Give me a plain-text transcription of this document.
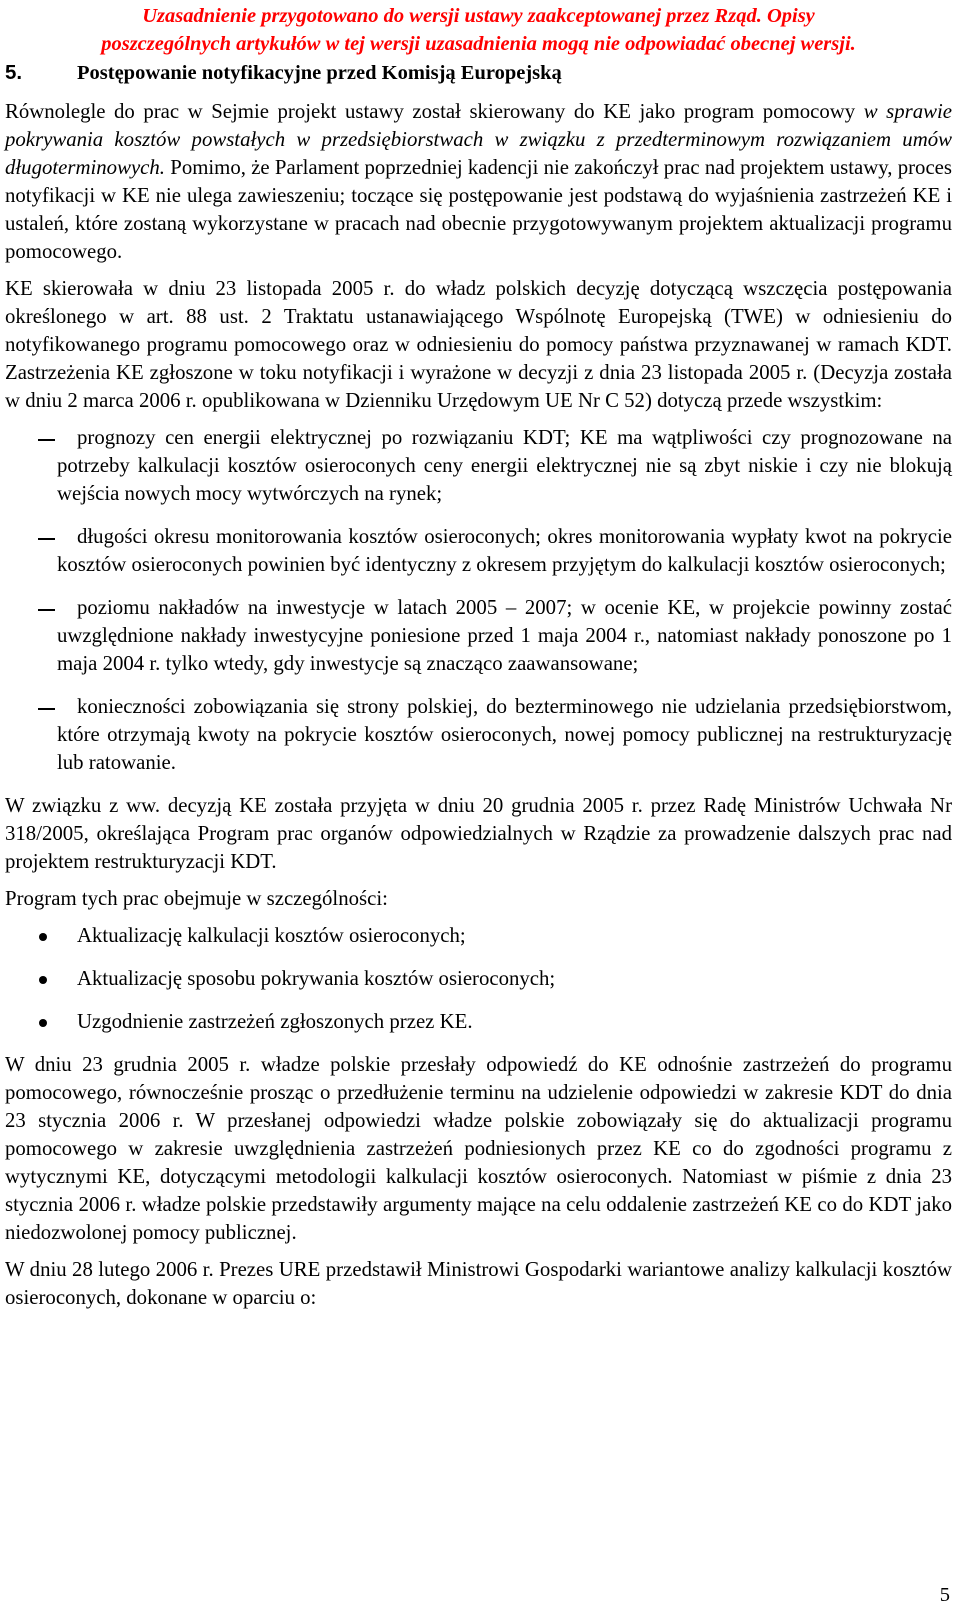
Uzasadnienie przygotowano do wersji ustawy zaakceptowanej przez Rząd. Opisy
poszczególnych artykułów w tej wersji uzasadnienia mogą nie odpowiadać obecnej wersji.

5.	Postępowanie notyfikacyjne przed Komisją Europejską

Równolegle do prac w Sejmie projekt ustawy został skierowany do KE jako program pomocowy w sprawie pokrywania kosztów powstałych w przedsiębiorstwach w związku z przedterminowym rozwiązaniem umów długoterminowych. Pomimo, że Parlament poprzedniej kadencji nie zakończył prac nad projektem ustawy, proces notyfikacji w KE nie ulega zawieszeniu; toczące się postępowanie jest podstawą do wyjaśnienia zastrzeżeń KE i ustaleń, które zostaną wykorzystane w pracach nad obecnie przygotowywanym projektem aktualizacji programu pomocowego.

KE skierowała w dniu 23 listopada 2005 r. do władz polskich decyzję dotyczącą wszczęcia postępowania określonego w art. 88 ust. 2 Traktatu ustanawiającego Wspólnotę Europejską (TWE) w odniesieniu do notyfikowanego programu pomocowego oraz w odniesieniu do pomocy państwa przyznawanej w ramach KDT. Zastrzeżenia KE zgłoszone w toku notyfikacji i wyrażone w decyzji z dnia 23 listopada 2005 r. (Decyzja została w dniu 2 marca 2006 r. opublikowana w Dzienniku Urzędowym UE Nr C 52) dotyczą przede wszystkim:

prognozy cen energii elektrycznej po rozwiązaniu KDT; KE ma wątpliwości czy prognozowane na potrzeby kalkulacji kosztów osieroconych ceny energii elektrycznej nie są zbyt niskie i czy nie blokują wejścia nowych mocy wytwórczych na rynek;
długości okresu monitorowania kosztów osieroconych; okres monitorowania wypłaty kwot na pokrycie kosztów osieroconych powinien być identyczny z okresem przyjętym do kalkulacji kosztów osieroconych;
poziomu nakładów na inwestycje w latach 2005 – 2007; w ocenie KE, w projekcie powinny zostać uwzględnione nakłady inwestycyjne poniesione przed 1 maja 2004 r., natomiast nakłady ponoszone po 1 maja 2004 r. tylko wtedy, gdy inwestycje są znacząco zaawansowane;
konieczności zobowiązania się strony polskiej, do bezterminowego nie udzielania przedsiębiorstwom, które otrzymają kwoty na pokrycie kosztów osieroconych, nowej pomocy publicznej na restrukturyzację lub ratowanie.

W związku z ww. decyzją KE została przyjęta w dniu 20 grudnia 2005 r. przez Radę Ministrów Uchwała Nr 318/2005, określająca Program prac organów odpowiedzialnych w Rządzie za prowadzenie dalszych prac nad projektem restrukturyzacji KDT.

Program tych prac obejmuje w szczególności:

Aktualizację kalkulacji kosztów osieroconych;
Aktualizację sposobu pokrywania kosztów osieroconych;
Uzgodnienie zastrzeżeń zgłoszonych przez KE.

W dniu 23 grudnia 2005 r. władze polskie przesłały odpowiedź do KE odnośnie zastrzeżeń do programu pomocowego, równocześnie prosząc o przedłużenie terminu na udzielenie odpowiedzi w zakresie KDT do dnia 23 stycznia 2006 r. W przesłanej odpowiedzi władze polskie zobowiązały się do aktualizacji programu pomocowego w zakresie uwzględnienia zastrzeżeń podniesionych przez KE co do zgodności programu z wytycznymi KE, dotyczącymi metodologii kalkulacji kosztów osieroconych. Natomiast w piśmie z dnia 23 stycznia 2006 r. władze polskie przedstawiły argumenty mające na celu oddalenie zastrzeżeń KE co do KDT jako niedozwolonej pomocy publicznej.

W dniu 28 lutego 2006 r. Prezes URE przedstawił Ministrowi Gospodarki wariantowe analizy kalkulacji kosztów osieroconych, dokonane w oparciu o:

5
